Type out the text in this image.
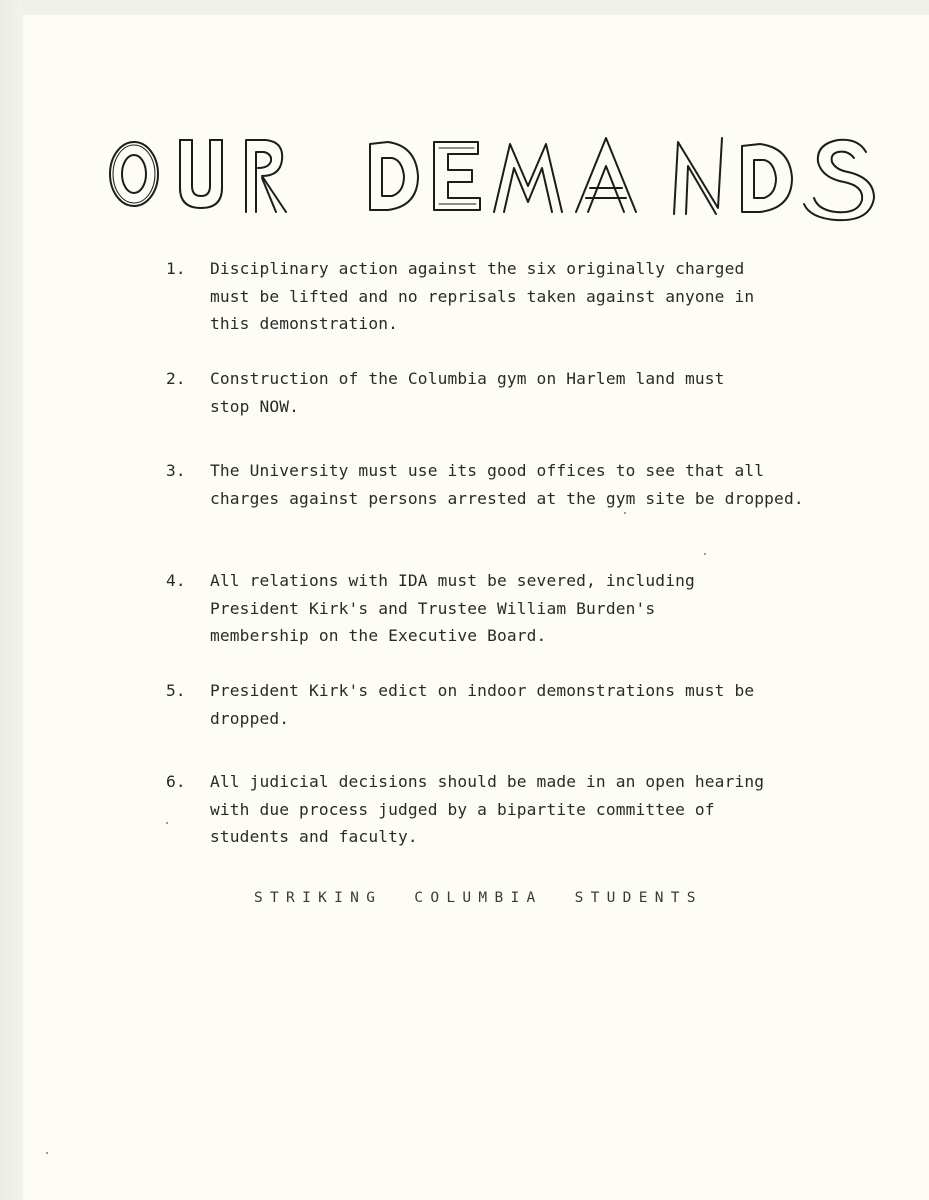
1.	Disciplinary action against the six originally charged
must be lifted and no reprisals taken against anyone in
this demonstration.
2.	Construction of the Columbia gym on Harlem land must
stop NOW.
3.	The University must use its good offices to see that all
charges against persons arrested at the gym site be dropped.
4.	All relations with IDA must be severed, including
President Kirk's and Trustee William Burden's
membership on the Executive Board.
5.	President Kirk's edict on indoor demonstrations must be
dropped.
6.	All judicial decisions should be made in an open hearing
with due process judged by a bipartite committee of
students and faculty.
STRIKING  COLUMBIA  STUDENTS
